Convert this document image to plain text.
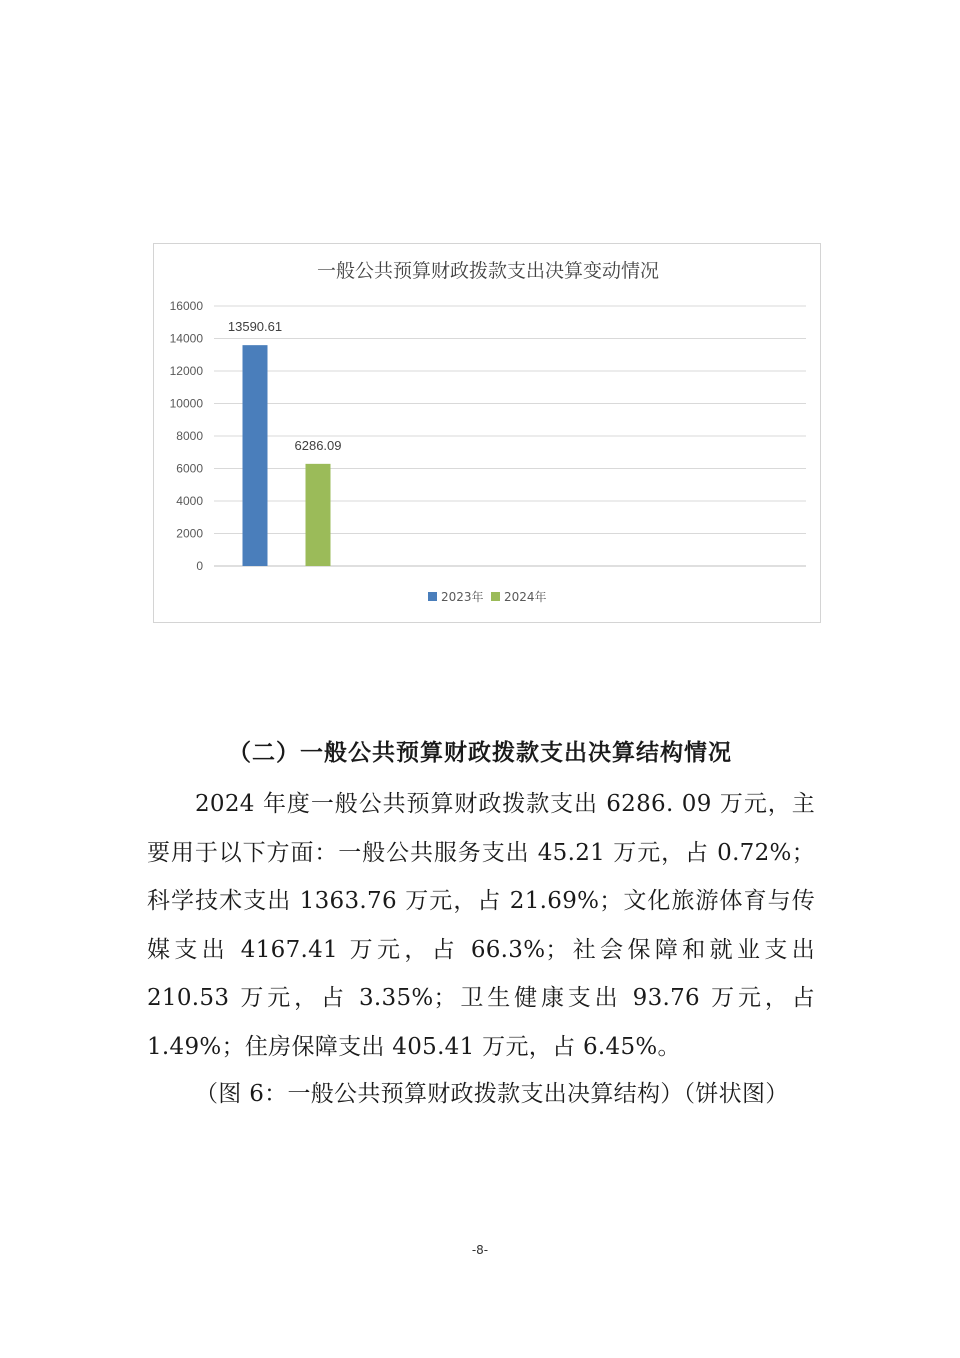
一般公共预算财政拨款支出决算变动情况
0
2000
4000
6000
8000
10000
12000
14000
16000
13590.61
6286.09
2023年 2024年
（二）一般公共预算财政拨款支出决算结构情况

2024 年度一般公共预算财政拨款支出 6286. 09 万元，主要用于以下方面：一般公共服务支出 45.21 万元，占 0.72%；科学技术支出 1363.76 万元，占 21.69%；文化旅游体育与传媒支出 4167.41 万元，占 66.3%；社会保障和就业支出 210.53 万元，占 3.35%；卫生健康支出 93.76 万元，占 1.49%；住房保障支出 405.41 万元，占 6.45%。

（图 6：一般公共预算财政拨款支出决算结构）（饼状图）

-8-
